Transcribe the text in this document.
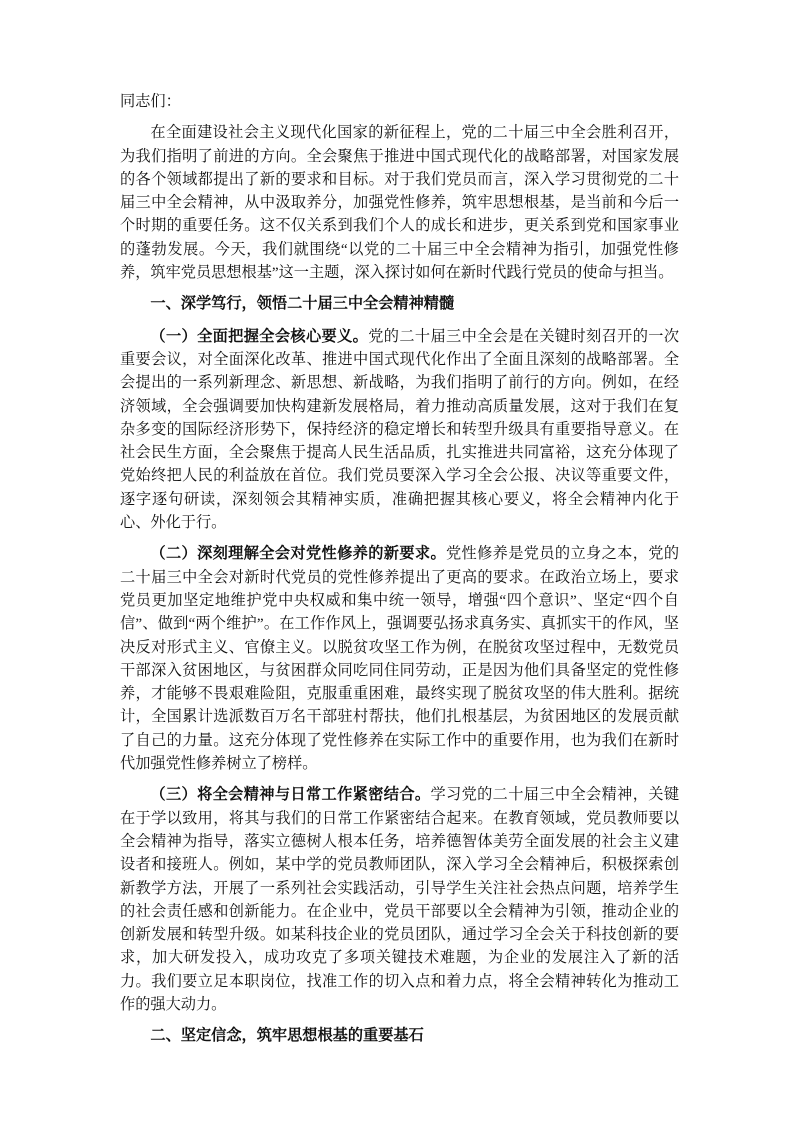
同志们：

在全面建设社会主义现代化国家的新征程上，党的二十届三中全会胜利召开，为我们指明了前进的方向。全会聚焦于推进中国式现代化的战略部署，对国家发展的各个领域都提出了新的要求和目标。对于我们党员而言，深入学习贯彻党的二十届三中全会精神，从中汲取养分，加强党性修养，筑牢思想根基，是当前和今后一个时期的重要任务。这不仅关系到我们个人的成长和进步，更关系到党和国家事业的蓬勃发展。今天，我们就围绕“以党的二十届三中全会精神为指引，加强党性修养，筑牢党员思想根基”这一主题，深入探讨如何在新时代践行党员的使命与担当。

一、深学笃行，领悟二十届三中全会精神精髓

（一）全面把握全会核心要义。党的二十届三中全会是在关键时刻召开的一次重要会议，对全面深化改革、推进中国式现代化作出了全面且深刻的战略部署。全会提出的一系列新理念、新思想、新战略，为我们指明了前行的方向。例如，在经济领域，全会强调要加快构建新发展格局，着力推动高质量发展，这对于我们在复杂多变的国际经济形势下，保持经济的稳定增长和转型升级具有重要指导意义。在社会民生方面，全会聚焦于提高人民生活品质，扎实推进共同富裕，这充分体现了党始终把人民的利益放在首位。我们党员要深入学习全会公报、决议等重要文件，逐字逐句研读，深刻领会其精神实质，准确把握其核心要义，将全会精神内化于心、外化于行。

（二）深刻理解全会对党性修养的新要求。党性修养是党员的立身之本，党的二十届三中全会对新时代党员的党性修养提出了更高的要求。在政治立场上，要求党员更加坚定地维护党中央权威和集中统一领导，增强“四个意识”、坚定“四个自信”、做到“两个维护”。在工作作风上，强调要弘扬求真务实、真抓实干的作风，坚决反对形式主义、官僚主义。以脱贫攻坚工作为例，在脱贫攻坚过程中，无数党员干部深入贫困地区，与贫困群众同吃同住同劳动，正是因为他们具备坚定的党性修养，才能够不畏艰难险阻，克服重重困难，最终实现了脱贫攻坚的伟大胜利。据统计，全国累计选派数百万名干部驻村帮扶，他们扎根基层，为贫困地区的发展贡献了自己的力量。这充分体现了党性修养在实际工作中的重要作用，也为我们在新时代加强党性修养树立了榜样。

（三）将全会精神与日常工作紧密结合。学习党的二十届三中全会精神，关键在于学以致用，将其与我们的日常工作紧密结合起来。在教育领域，党员教师要以全会精神为指导，落实立德树人根本任务，培养德智体美劳全面发展的社会主义建设者和接班人。例如，某中学的党员教师团队，深入学习全会精神后，积极探索创新教学方法，开展了一系列社会实践活动，引导学生关注社会热点问题，培养学生的社会责任感和创新能力。在企业中，党员干部要以全会精神为引领，推动企业的创新发展和转型升级。如某科技企业的党员团队，通过学习全会关于科技创新的要求，加大研发投入，成功攻克了多项关键技术难题，为企业的发展注入了新的活力。我们要立足本职岗位，找准工作的切入点和着力点，将全会精神转化为推动工作的强大动力。

二、坚定信念，筑牢思想根基的重要基石
